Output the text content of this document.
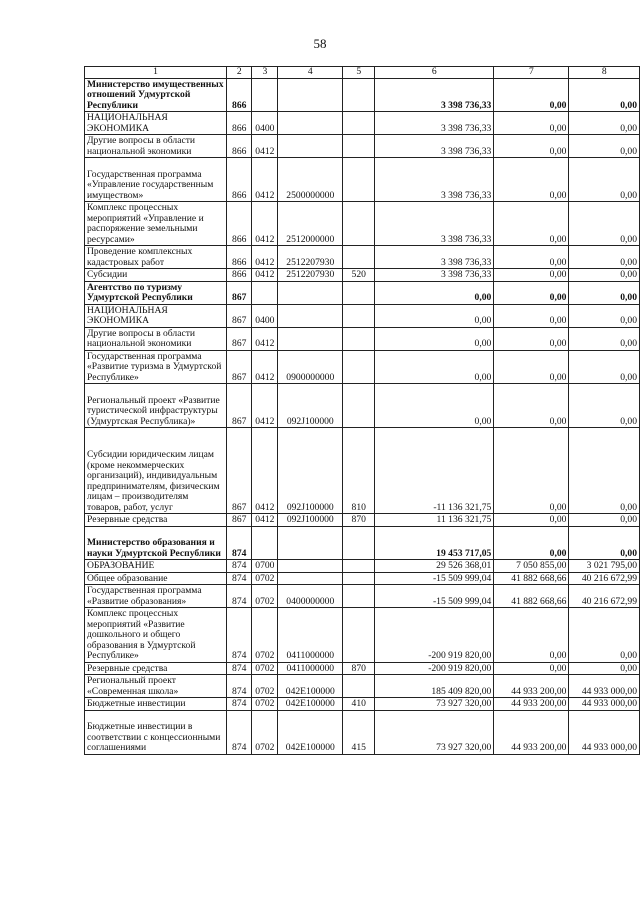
58
1	2	3	4	5	6	7	8
Министерство имущественных отношений Удмуртской Республики	866				3 398 736,33	0,00	0,00
НАЦИОНАЛЬНАЯ ЭКОНОМИКА	866	0400			3 398 736,33	0,00	0,00
Другие вопросы в области национальной экономики	866	0412			3 398 736,33	0,00	0,00
Государственная программа «Управление государственным имуществом»	866	0412	2500000000		3 398 736,33	0,00	0,00
Комплекс процессных мероприятий «Управление и распоряжение земельными ресурсами»	866	0412	2512000000		3 398 736,33	0,00	0,00
Проведение комплексных кадастровых работ	866	0412	2512207930		3 398 736,33	0,00	0,00
Субсидии	866	0412	2512207930	520	3 398 736,33	0,00	0,00
Агентство по туризму Удмуртской Республики	867				0,00	0,00	0,00
НАЦИОНАЛЬНАЯ ЭКОНОМИКА	867	0400			0,00	0,00	0,00
Другие вопросы в области национальной экономики	867	0412			0,00	0,00	0,00
Государственная программа «Развитие туризма в Удмуртской Республике»	867	0412	0900000000		0,00	0,00	0,00
Региональный проект «Развитие туристической инфраструктуры (Удмуртская Республика)»	867	0412	092J100000		0,00	0,00	0,00
Субсидии юридическим лицам (кроме некоммерческих организаций), индивидуальным предпринимателям, физическим лицам – производителям товаров, работ, услуг	867	0412	092J100000	810	-11 136 321,75	0,00	0,00
Резервные средства	867	0412	092J100000	870	11 136 321,75	0,00	0,00
Министерство образования и науки Удмуртской Республики	874				19 453 717,05	0,00	0,00
ОБРАЗОВАНИЕ	874	0700			29 526 368,01	7 050 855,00	3 021 795,00
Общее образование	874	0702			-15 509 999,04	41 882 668,66	40 216 672,99
Государственная программа «Развитие образования»	874	0702	0400000000		-15 509 999,04	41 882 668,66	40 216 672,99
Комплекс процессных мероприятий «Развитие дошкольного и общего образования в Удмуртской Республике»	874	0702	0411000000		-200 919 820,00	0,00	0,00
Резервные средства	874	0702	0411000000	870	-200 919 820,00	0,00	0,00
Региональный проект «Современная школа»	874	0702	042E100000		185 409 820,00	44 933 200,00	44 933 000,00
Бюджетные инвестиции	874	0702	042E100000	410	73 927 320,00	44 933 200,00	44 933 000,00
Бюджетные инвестиции в соответствии с концессионными соглашениями	874	0702	042E100000	415	73 927 320,00	44 933 200,00	44 933 000,00
